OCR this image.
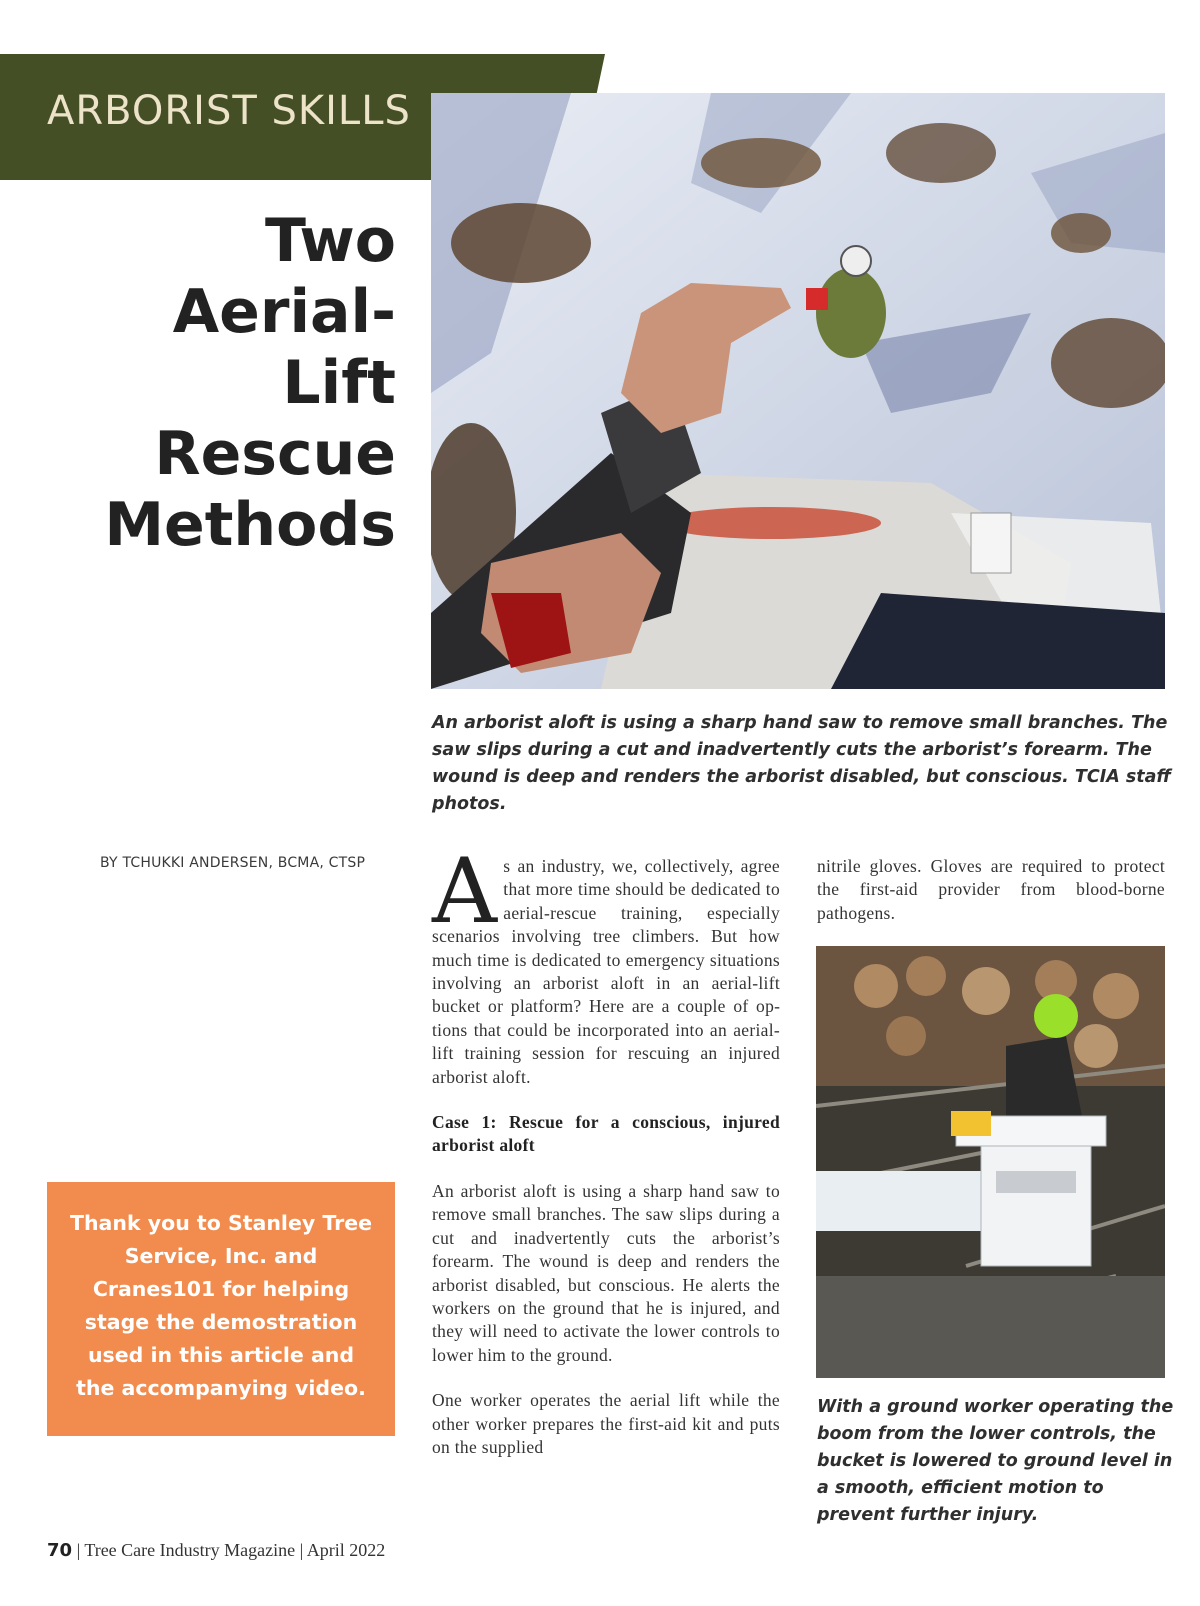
ARBORIST SKILLS
Two Aerial-
Lift Rescue
Methods
An arborist aloft is using a sharp hand saw to remove small branches. The saw slips during a cut and inadvertently cuts the arborist’s forearm. The wound is deep and renders the arborist disabled, but conscious. TCIA staff photos.
BY TCHUKKI ANDERSEN, BCMA, CTSP
Thank you to Stanley Tree Service, Inc. and Cranes101 for helping stage the demostration used in this article and the accompanying video.

As an industry, we, collectively, agree that more time should be dedicated to aerial-rescue training, especially scenarios involving tree climbers. But how much time is dedicated to emergency situations involving an arborist aloft in an aerial-lift bucket or platform? Here are a couple of options that could be incorporated into an aerial-lift training session for rescuing an injured arborist aloft.

Case 1: Rescue for a conscious, injured arborist aloft

An arborist aloft is using a sharp hand saw to remove small branches. The saw slips during a cut and inadvertently cuts the arborist’s forearm. The wound is deep and renders the arborist disabled, but conscious. He alerts the workers on the ground that he is injured, and they will need to activate the lower controls to lower him to the ground.

One worker operates the aerial lift while the other worker prepares the first-aid kit and puts on the supplied

nitrile gloves. Gloves are required to protect the first-aid provider from blood-borne pathogens.

With a ground worker operating the boom from the lower controls, the bucket is lowered to ground level in a smooth, efficient motion to prevent further injury.
70 | Tree Care Industry Magazine | April 2022
